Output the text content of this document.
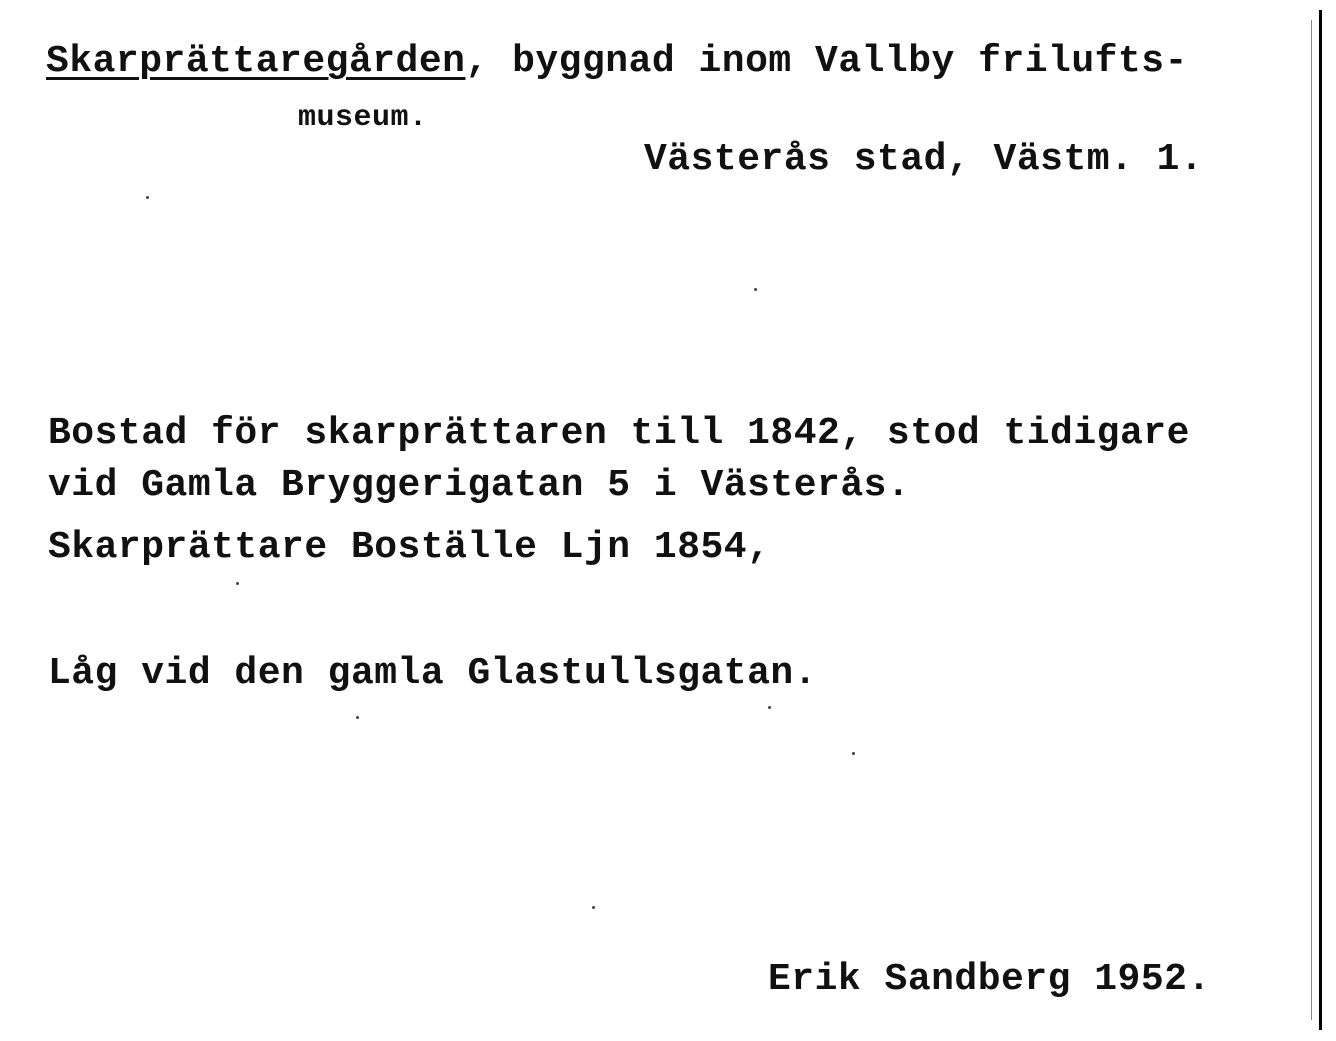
Skarprättaregården, byggnad inom Vallby frilufts-
museum.
Västerås stad, Västm. 1.
Bostad för skarprättaren till 1842, stod tidigare
vid Gamla Bryggerigatan 5 i Västerås.
Skarprättare Boställe Ljn 1854,
Låg vid den gamla Glastullsgatan.
Erik Sandberg 1952.
